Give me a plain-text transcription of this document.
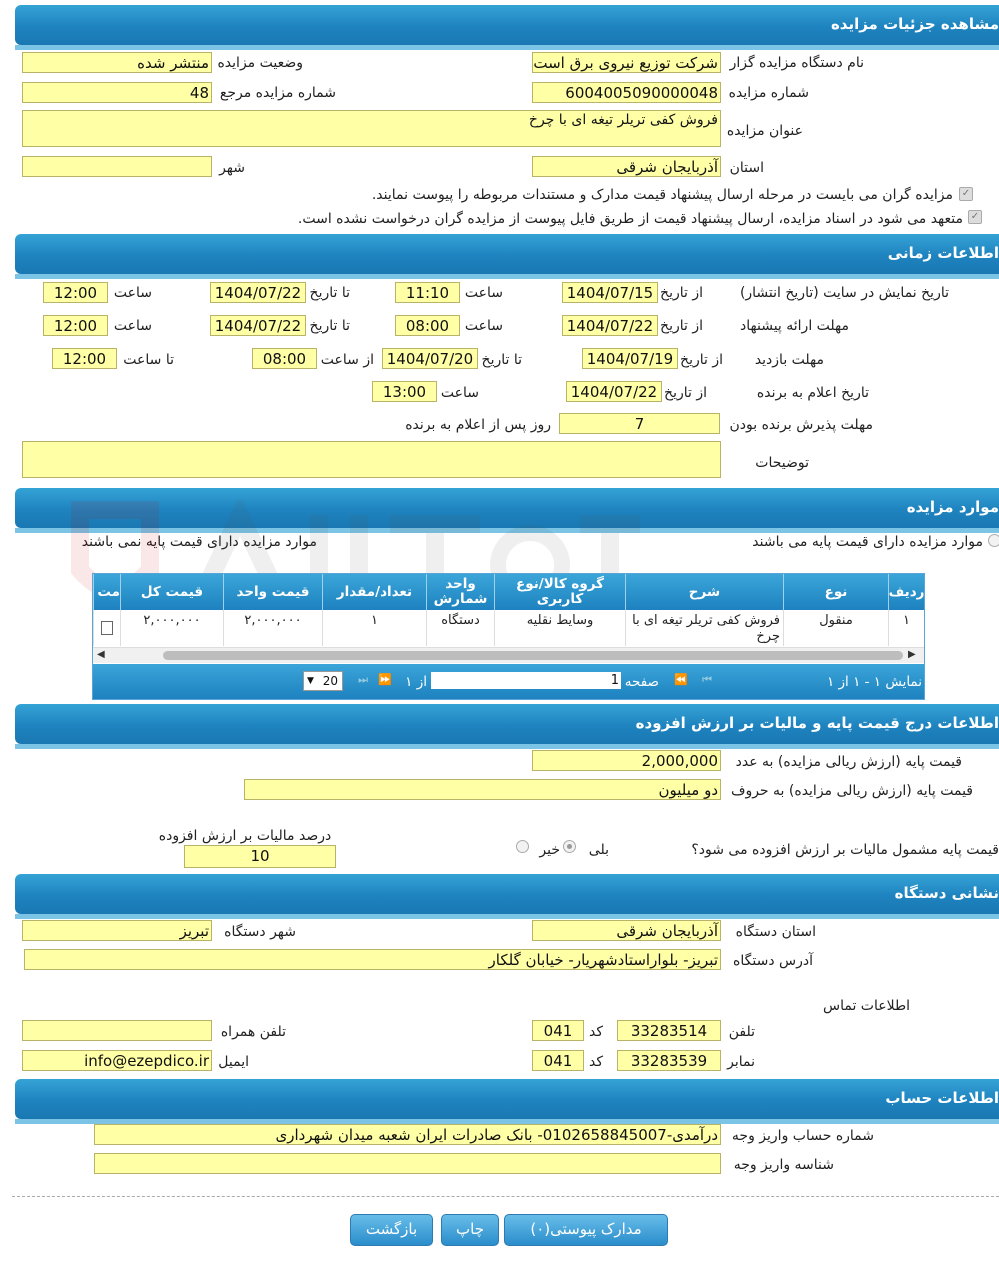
مشاهده جزئیات مزایده
نام دستگاه مزایده گزار
شرکت توزیع نیروی برق است
وضعیت مزایده
منتشر شده
شماره مزایده
6004005090000048
شماره مزایده مرجع
48
عنوان مزایده
فروش کفی تریلر تیغه ای با چرخ
استان
آذربایجان شرقی
شهر
✓
مزایده گران می بایست در مرحله ارسال پیشنهاد قیمت مدارک و مستندات مربوطه را پیوست نمایند.
✓
متعهد می شود در اسناد مزایده، ارسال پیشنهاد قیمت از طریق فایل پیوست از مزایده گران درخواست نشده است.
اطلاعات زمانی
تاریخ نمایش در سایت (تاریخ انتشار)
از تاریخ
1404/07/15
ساعت
11:10
تا تاریخ
1404/07/22
ساعت
12:00
مهلت ارائه پیشنهاد
از تاریخ
1404/07/22
ساعت
08:00
تا تاریخ
1404/07/22
ساعت
12:00
مهلت بازدید
از تاریخ
1404/07/19
تا تاریخ
1404/07/20
از ساعت
08:00
تا ساعت
12:00
تاریخ اعلام به برنده
از تاریخ
1404/07/22
ساعت
13:00
مهلت پذیرش برنده بودن
7
روز پس از اعلام به برنده
توضیحات
موارد مزایده
موارد مزایده دارای قیمت پایه می باشند
موارد مزایده دارای قیمت پایه نمی باشند
ردیف
نوع
شرح
گروه کالا/نوع کاربری
واحد شمارش
تعداد/مقدار
قیمت واحد
قیمت کل
مت
۱
منقول
فروش کفی تریلر تیغه ای با چرخ
وسایط نقلیه
دستگاه
۱
۲,۰۰۰,۰۰۰
۲,۰۰۰,۰۰۰
◀	▶
نمایش ۱ - ۱ از ۱
⏮
⏪
صفحه
1
از ۱
⏩
⏭
20
▼
اطلاعات درج قیمت پایه و مالیات بر ارزش افزوده
قیمت پایه (ارزش ریالی مزایده) به عدد
2,000,000
قیمت پایه (ارزش ریالی مزایده) به حروف
دو میلیون
قیمت پایه مشمول مالیات بر ارزش افزوده می شود؟
بلی
خیر
درصد مالیات بر ارزش افزوده
10
نشانی دستگاه
استان دستگاه
آذربایجان شرقی
شهر دستگاه
تبریز
آدرس دستگاه
تبریز- بلواراستادشهریار- خیابان گلکار
اطلاعات تماس
تلفن
33283514
کد
041
تلفن همراه
نمابر
33283539
کد
041
ایمیل
info@ezepdico.ir
اطلاعات حساب
شماره حساب واریز وجه
درآمدی-0102658845007- بانک صادرات ایران شعبه میدان شهرداری
شناسه واریز وجه
مدارک پیوستی(۰)
چاپ
بازگشت
